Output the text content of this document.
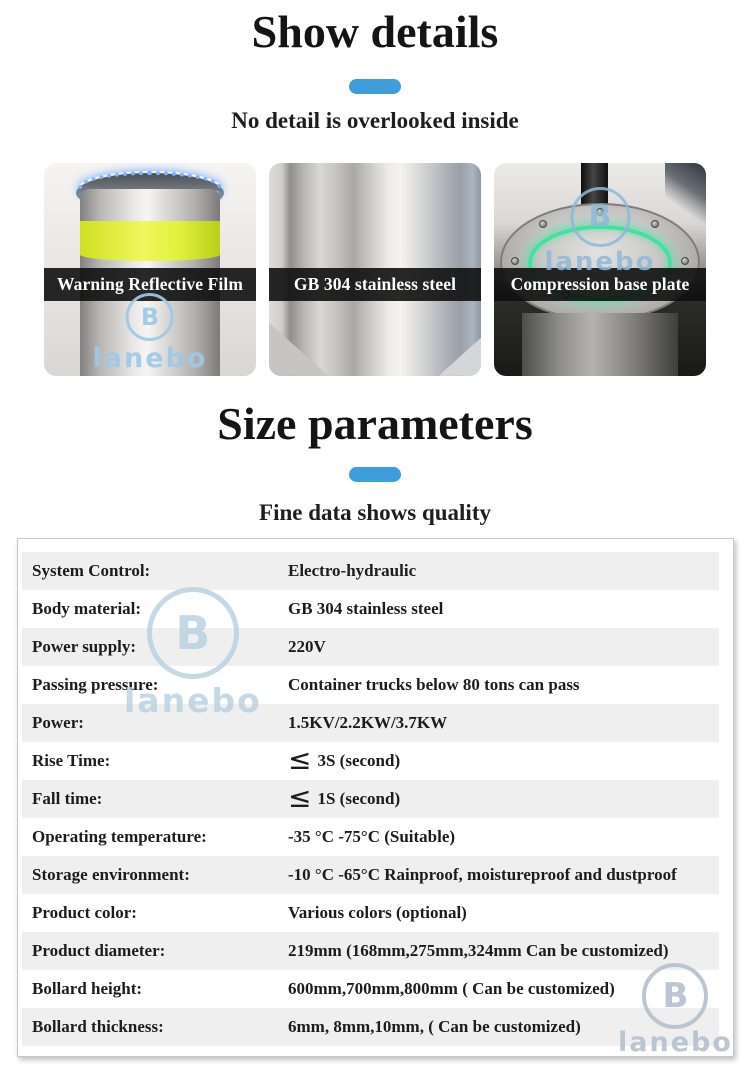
Show details
No detail is overlooked inside
B
lanebo
Warning Reflective Film	GB 304 stainless steel
B
lanebo
Compression base plate
Size parameters
Fine data shows quality
System Control:	Electro-hydraulic
Body material:	GB 304 stainless steel
Power supply:	220V
Passing pressure:	Container trucks below 80 tons can pass
Power:	1.5KV/2.2KW/3.7KW
Rise Time:	≤ 3S (second)
Fall time:	≤ 1S (second)
Operating temperature:	-35 °C -75°C (Suitable)
Storage environment:	-10 °C -65°C Rainproof, moistureproof and dustproof
Product color:	Various colors (optional)
Product diameter:	219mm (168mm,275mm,324mm Can be customized)
Bollard height:	600mm,700mm,800mm ( Can be customized)
Bollard thickness:	6mm, 8mm,10mm, ( Can be customized)
B
lanebo
B
lanebo
